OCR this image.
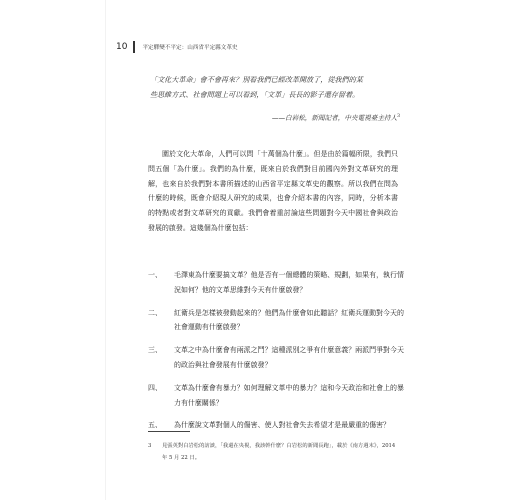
10	平定驛變不平定：山西省平定縣文革史

「文化大革命」會不會再來？別看我們已經改革開放了，從我們的某些思維方式、社會問題上可以看到，「文革」長長的影子還存留着。

——白岩松，新聞記者，中央電視臺主持人$^3$

圍於文化大革命，人們可以問「十萬個為什麼」。但是由於篇幅所限，我們只問五個「為什麼」。我們的為什麼，既來自於我們對目前國內外對文革研究的理解，也來自於我們對本書所描述的山西省平定縣文革史的觀察。所以我們在問為什麼的時候，既會介紹現人研究的成果，也會介紹本書的內容，同時，分析本書的特點或者對文革研究的貢獻。我們會着重討論這些問題對今天中國社會與政治發展的啟發。這幾個為什麼包括：

一、	毛澤東為什麼要搞文革？他是否有一個總體的策略、規劃，如果有，執行情況如何？他的文革思維對今天有什麼啟發？
二、	紅衛兵是怎樣被發動起來的？他們為什麼會如此聽話？紅衛兵運動對今天的社會運動有什麼啟發？
三、	文革之中為什麼會有兩派之鬥？這種派別之爭有什麼意義？兩派鬥爭對今天的政治與社會發展有什麼啟發？
四、	文革為什麼會有暴力？如何理解文革中的暴力？這和今天政治和社會上的暴力有什麼關係？
五、	為什麼說文革對個人的傷害、使人對社會失去希望才是最嚴重的傷害？
3	見張英對白岩松的訪談，「我還在央視，我該幹什麼？白岩松的新聞長跑」，載於《南方週末》，2014 年 5 月 22 日。
